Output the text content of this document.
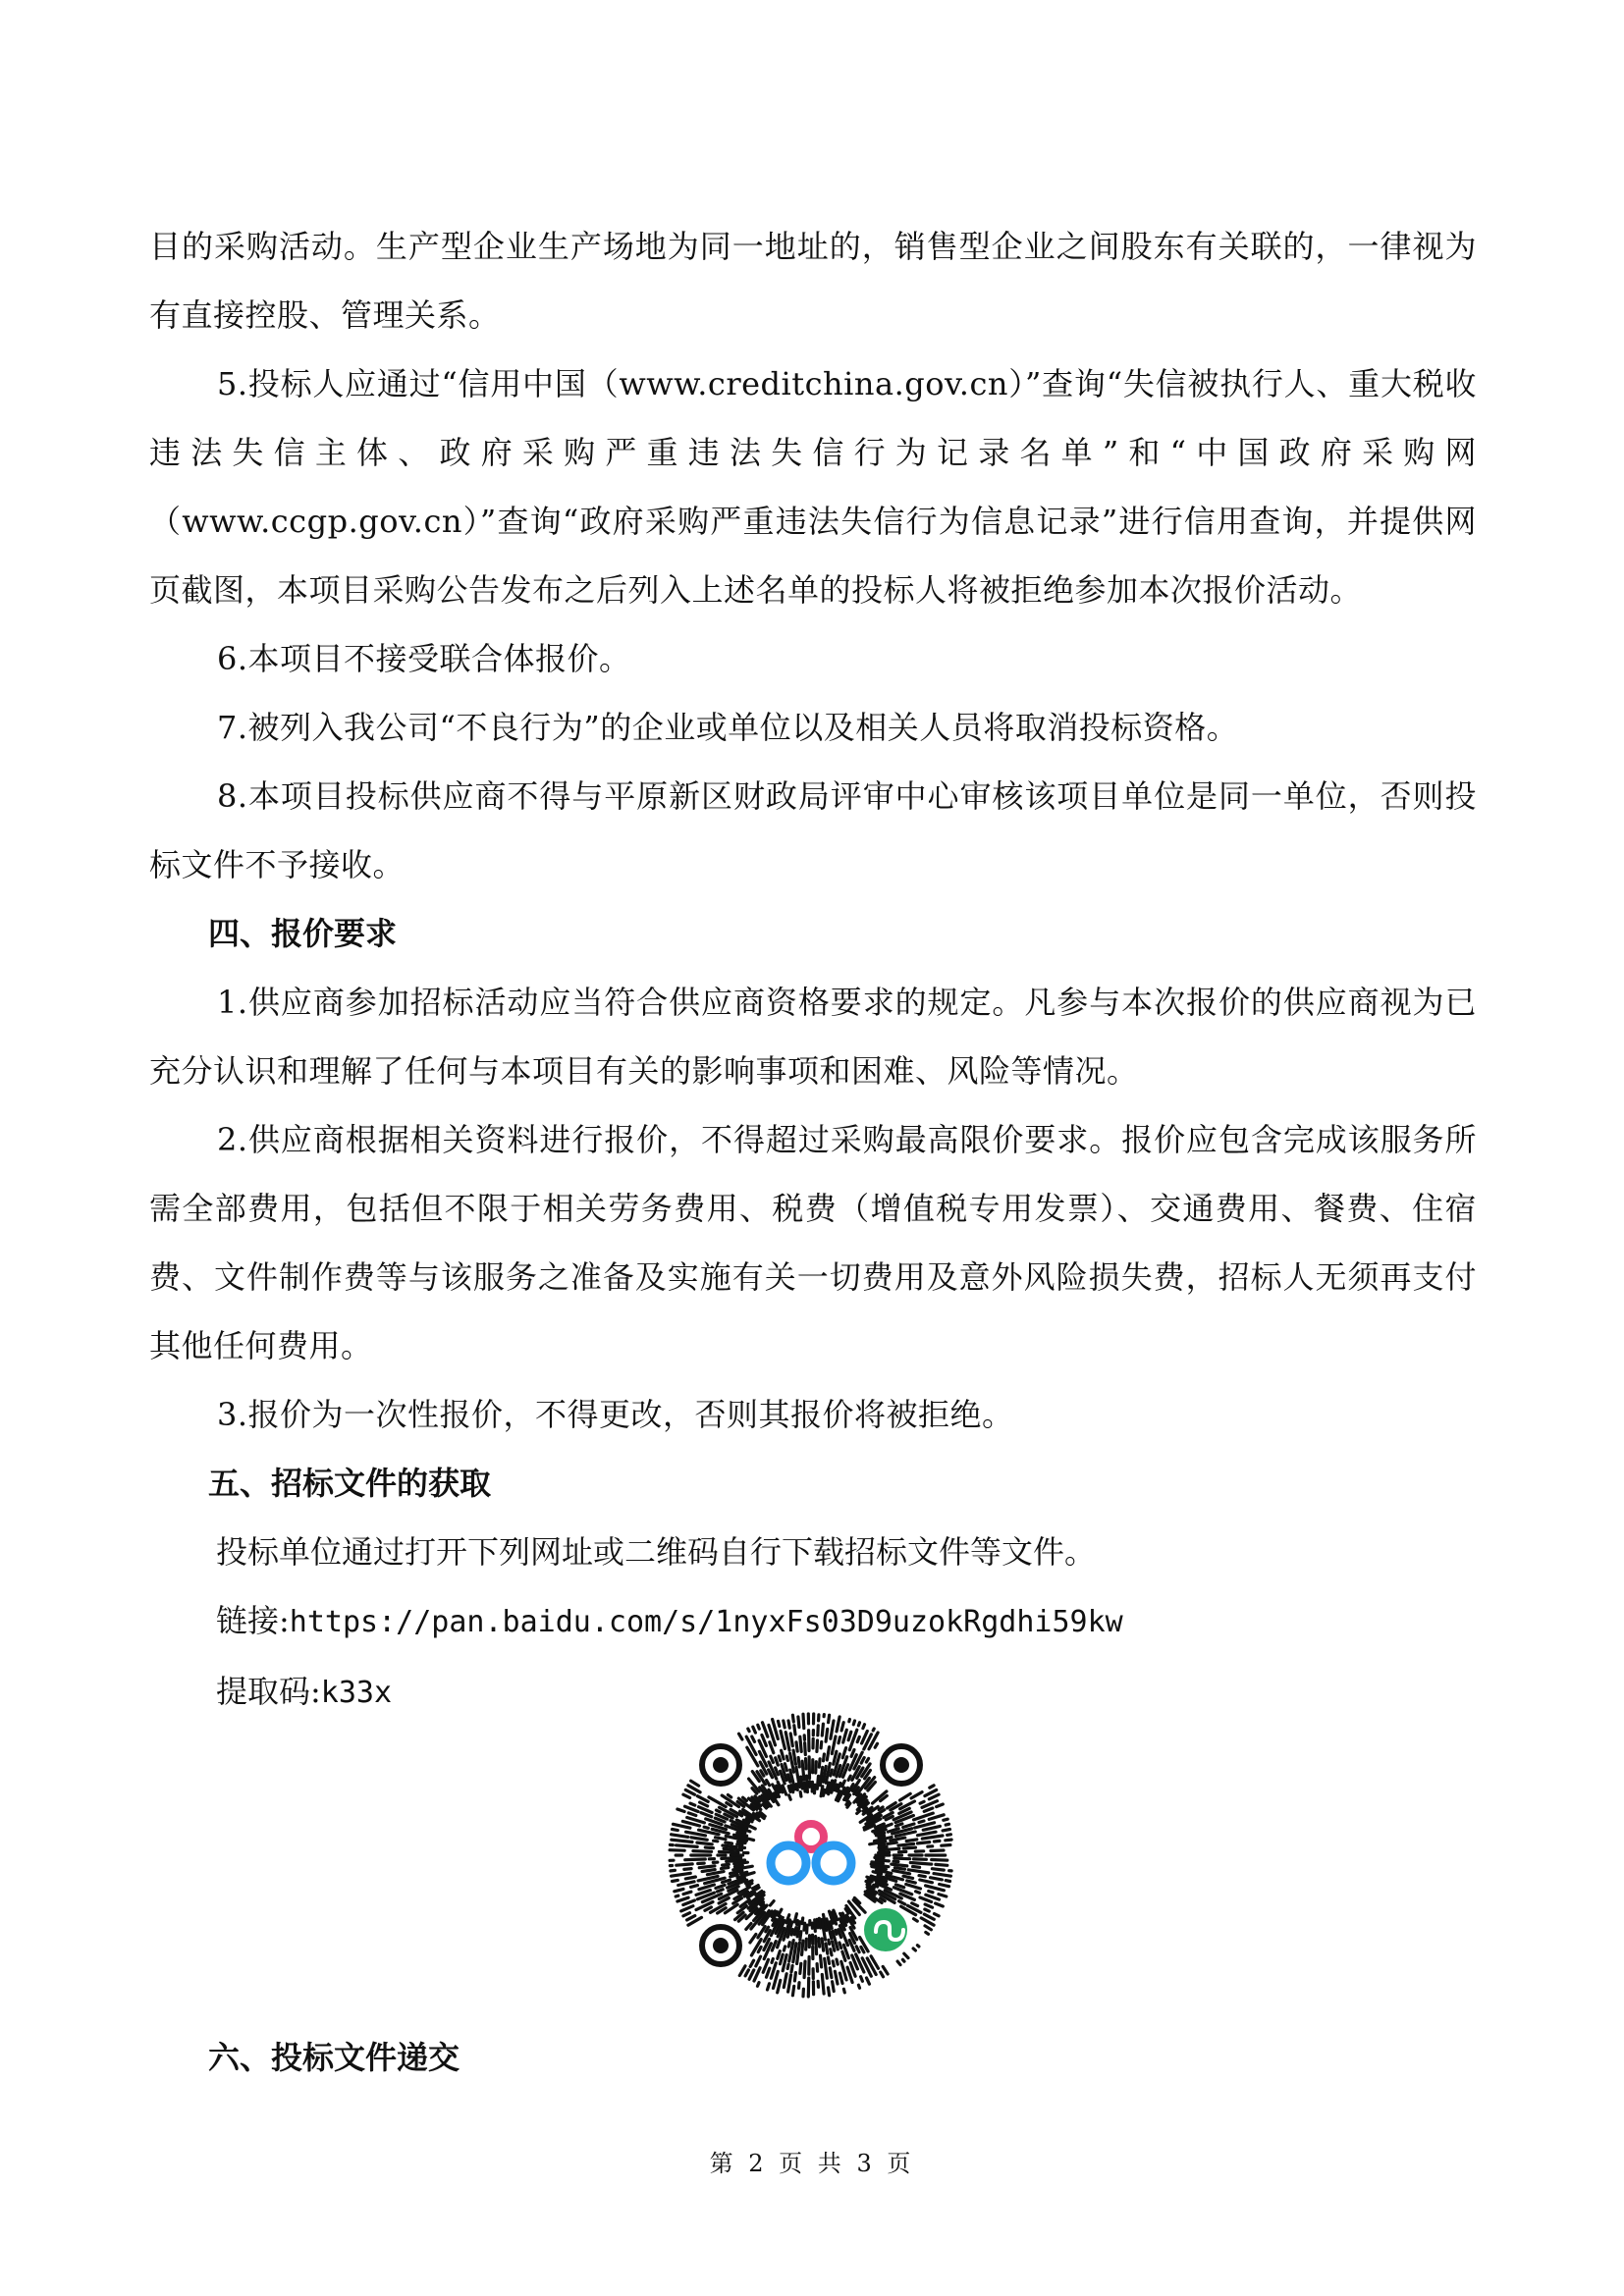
目的采购活动。生产型企业生产场地为同一地址的，销售型企业之间股东有关联的，一律视为有直接控股、管理关系。

5.投标人应通过“信用中国（www.creditchina.gov.cn）”查询“失信被执行人、重大税收违法失信主体、政府采购严重违法失信行为记录名单”和“中国政府采购网（www.ccgp.gov.cn）”查询“政府采购严重违法失信行为信息记录”进行信用查询，并提供网页截图，本项目采购公告发布之后列入上述名单的投标人将被拒绝参加本次报价活动。

6.本项目不接受联合体报价。

7.被列入我公司“不良行为”的企业或单位以及相关人员将取消投标资格。

8.本项目投标供应商不得与平原新区财政局评审中心审核该项目单位是同一单位，否则投标文件不予接收。

四、报价要求

1.供应商参加招标活动应当符合供应商资格要求的规定。凡参与本次报价的供应商视为已充分认识和理解了任何与本项目有关的影响事项和困难、风险等情况。

2.供应商根据相关资料进行报价，不得超过采购最高限价要求。报价应包含完成该服务所需全部费用，包括但不限于相关劳务费用、税费（增值税专用发票）、交通费用、餐费、住宿费、文件制作费等与该服务之准备及实施有关一切费用及意外风险损失费，招标人无须再支付其他任何费用。

3.报价为一次性报价，不得更改，否则其报价将被拒绝。

五、招标文件的获取

投标单位通过打开下列网址或二维码自行下载招标文件等文件。

链接:https://pan.baidu.com/s/1nyxFs03D9uzokRgdhi59kw

提取码:k33x

六、投标文件递交

第 2 页 共 3 页
